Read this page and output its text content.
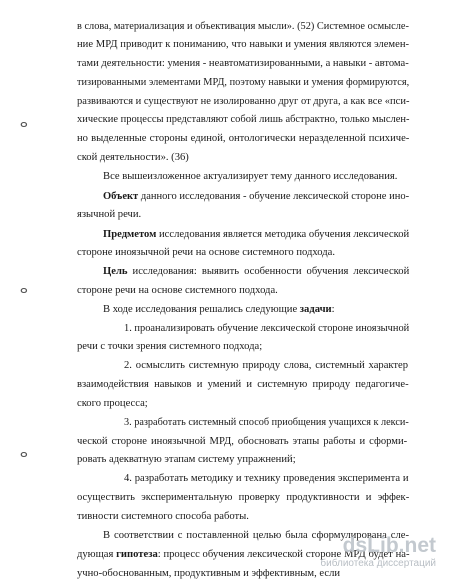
ⴰ
ⴰ
ⴰ
в слова, материализация и объективация мысли». (52) Системное осмысле-
ние МРД приводит к пониманию, что навыки и умения являются элемен-
тами деятельности: умения - неавтоматизированными, а навыки - автома-
тизированными элементами МРД, поэтому навыки и умения формируются,
развиваются и существуют не изолированно друг от друга, а как все «пси-
хические процессы представляют собой лишь абстрактно, только мыслен-
но выделенные стороны единой, онтологически неразделенной психиче-
ской деятельности». (36)
Все вышеизложенное актуализирует тему данного исследования.
Объект данного исследования - обучение лексической стороне ино-
язычной речи.
Предметом исследования является методика обучения лексической
стороне иноязычной речи на основе системного подхода.
Цель исследования: выявить особенности обучения лексической
стороне речи на основе системного подхода.
В ходе исследования решались следующие задачи:
1. проанализировать обучение лексической стороне иноязычной
речи с точки зрения системного подхода;
2. осмыслить системную природу слова, системный характер
взаимодействия навыков и умений и системную природу педагогиче-
ского процесса;
3. разработать системный способ приобщения учащихся к лекси-
ческой стороне иноязычной МРД, обосновать этапы работы и сформи-
ровать адекватную этапам систему упражнений;
4. разработать методику и технику проведения эксперимента и
осуществить экспериментальную проверку продуктивности и эффек-
тивности системного способа работы.
В соответствии с поставленной целью была сформулирована сле-
дующая гипотеза: процесс обучения лексической стороне МРД будет на-
учно-обоснованным, продуктивным и эффективным, если
dsLib.net
библиотека диссертаций
